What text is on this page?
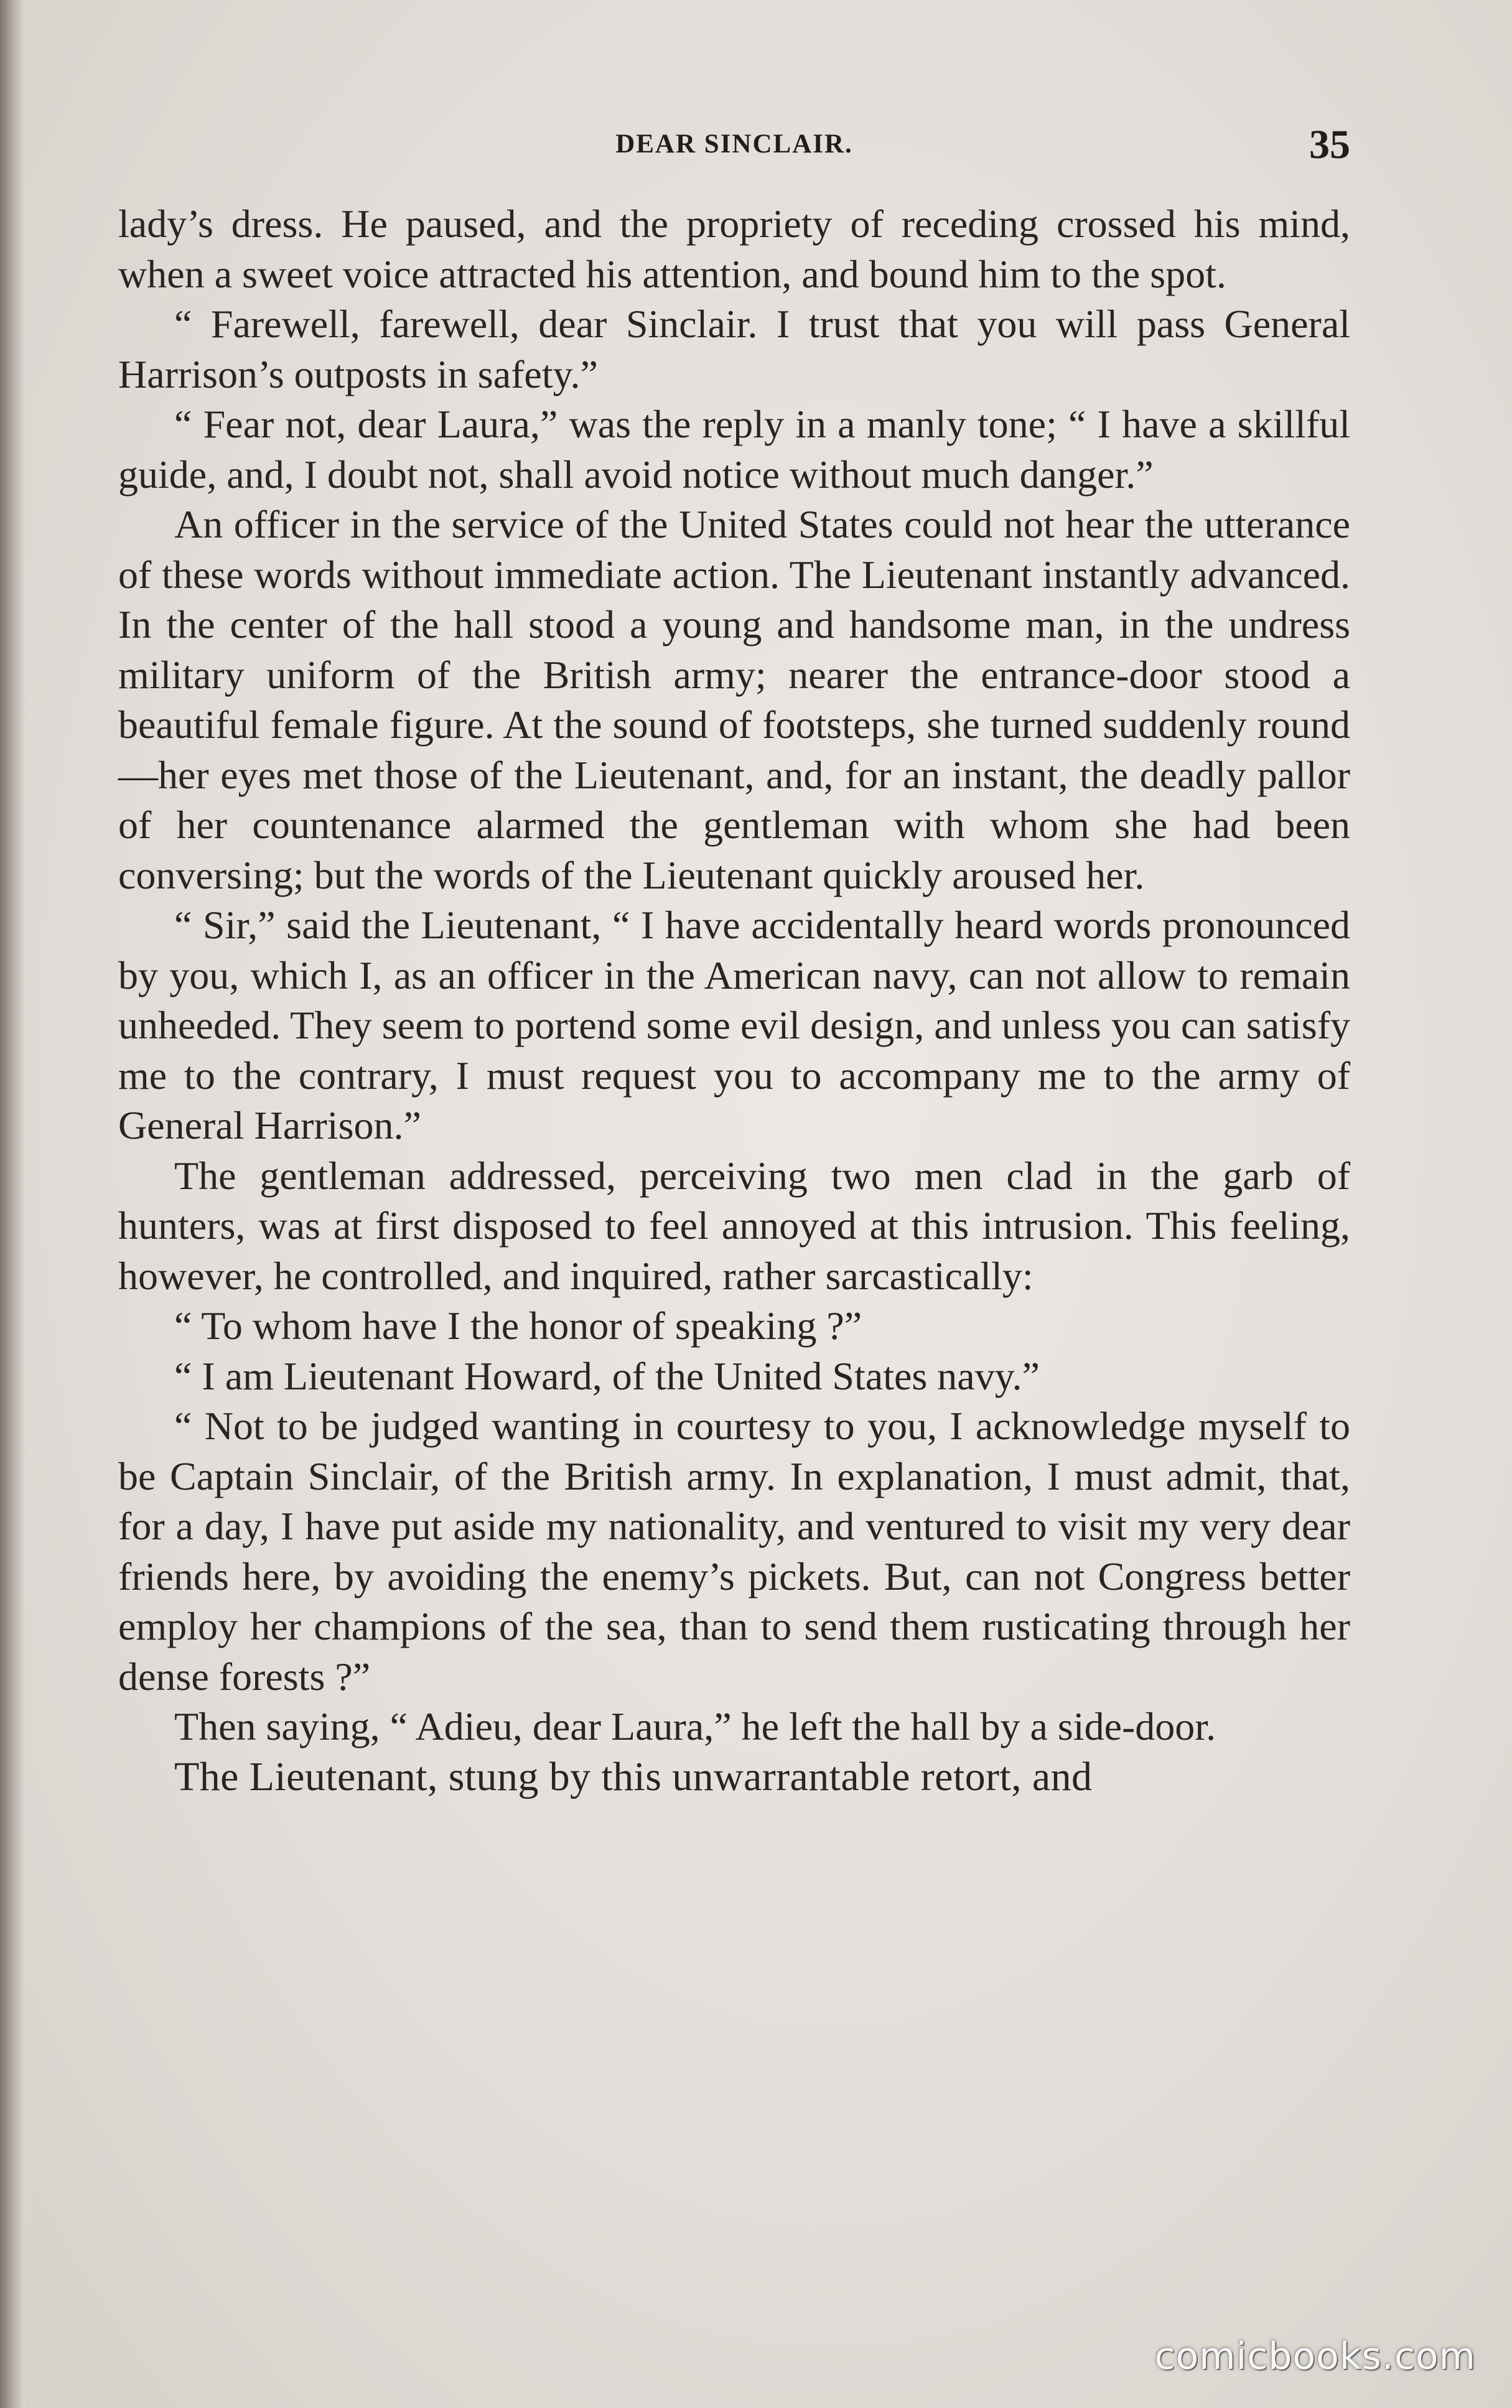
DEAR SINCLAIR.	35

lady’s dress. He paused, and the propriety of receding crossed his mind, when a sweet voice attracted his attention, and bound him to the spot.

“ Farewell, farewell, dear Sinclair. I trust that you will pass General Harrison’s outposts in safety.”

“ Fear not, dear Laura,” was the reply in a manly tone; “ I have a skillful guide, and, I doubt not, shall avoid notice without much danger.”

An officer in the service of the United States could not hear the utterance of these words without immediate action. The Lieutenant instantly advanced. In the center of the hall stood a young and handsome man, in the undress military uniform of the British army; nearer the entrance-door stood a beautiful female figure. At the sound of footsteps, she turned suddenly round—her eyes met those of the Lieutenant, and, for an instant, the deadly pallor of her countenance alarmed the gentleman with whom she had been conversing; but the words of the Lieutenant quickly aroused her.

“ Sir,” said the Lieutenant, “ I have accidentally heard words pronounced by you, which I, as an officer in the American navy, can not allow to remain unheeded. They seem to portend some evil design, and unless you can satisfy me to the contrary, I must request you to accompany me to the army of General Harrison.”

The gentleman addressed, perceiving two men clad in the garb of hunters, was at first disposed to feel annoyed at this intrusion. This feeling, however, he controlled, and inquired, rather sarcastically:

“ To whom have I the honor of speaking ?”

“ I am Lieutenant Howard, of the United States navy.”

“ Not to be judged wanting in courtesy to you, I acknowledge myself to be Captain Sinclair, of the British army. In explanation, I must admit, that, for a day, I have put aside my nationality, and ventured to visit my very dear friends here, by avoiding the enemy’s pickets. But, can not Congress better employ her champions of the sea, than to send them rusticating through her dense forests ?”

Then saying, “ Adieu, dear Laura,” he left the hall by a side-door.

The Lieutenant, stung by this unwarrantable retort, and

comicbooks.com
